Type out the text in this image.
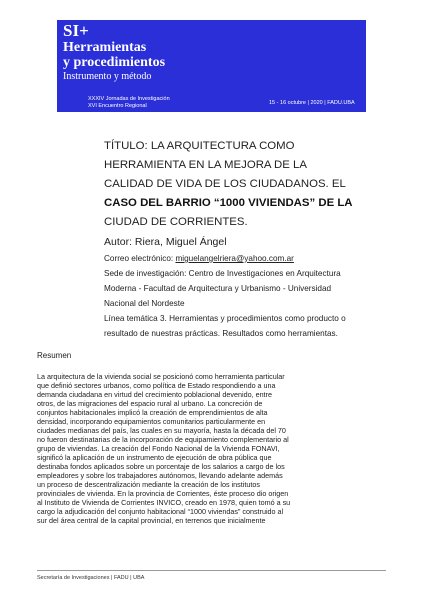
SI+
Herramientas
y procedimientos
Instrumento y método
XXXIV Jornadas de Investigación
XVI Encuentro Regional	15 - 16 octubre | 2020 | FADU.UBA
TÍTULO: LA ARQUITECTURA COMO
HERRAMIENTA EN LA MEJORA DE LA
CALIDAD DE VIDA DE LOS CIUDADANOS. EL
CASO DEL BARRIO “1000 VIVIENDAS” DE LA
CIUDAD DE CORRIENTES.
Autor: Riera, Miguel Ángel
Correo electrónico: miguelangelriera@yahoo.com.ar
Sede de investigación: Centro de Investigaciones en Arquitectura
Moderna - Facultad de Arquitectura y Urbanismo - Universidad
Nacional del Nordeste
Línea temática 3. Herramientas y procedimientos como producto o
resultado de nuestras prácticas. Resultados como herramientas.
Resumen
La arquitectura de la vivienda social se posicionó como herramienta particular
que definió sectores urbanos, como política de Estado respondiendo a una
demanda ciudadana en virtud del crecimiento poblacional devenido, entre
otros, de las migraciones del espacio rural al urbano. La concreción de
conjuntos habitacionales implicó la creación de emprendimientos de alta
densidad, incorporando equipamientos comunitarios particularmente en
ciudades medianas del país, las cuales en su mayoría, hasta la década del 70
no fueron destinatarias de la incorporación de equipamiento complementario al
grupo de viviendas. La creación del Fondo Nacional de la Vivienda FONAVI,
significó la aplicación de un instrumento de ejecución de obra pública que
destinaba fondos aplicados sobre un porcentaje de los salarios a cargo de los
empleadores y sobre los trabajadores autónomos, llevando adelante además
un proceso de descentralización mediante la creación de los institutos
provinciales de vivienda. En la provincia de Corrientes, éste proceso dio origen
al Instituto de Vivienda de Corrientes INVICO, creado en 1978, quien tomó a su
cargo la adjudicación del conjunto habitacional “1000 viviendas” construido al
sur del área central de la capital provincial, en terrenos que inicialmente
Secretaría de Investigaciones | FADU | UBA
